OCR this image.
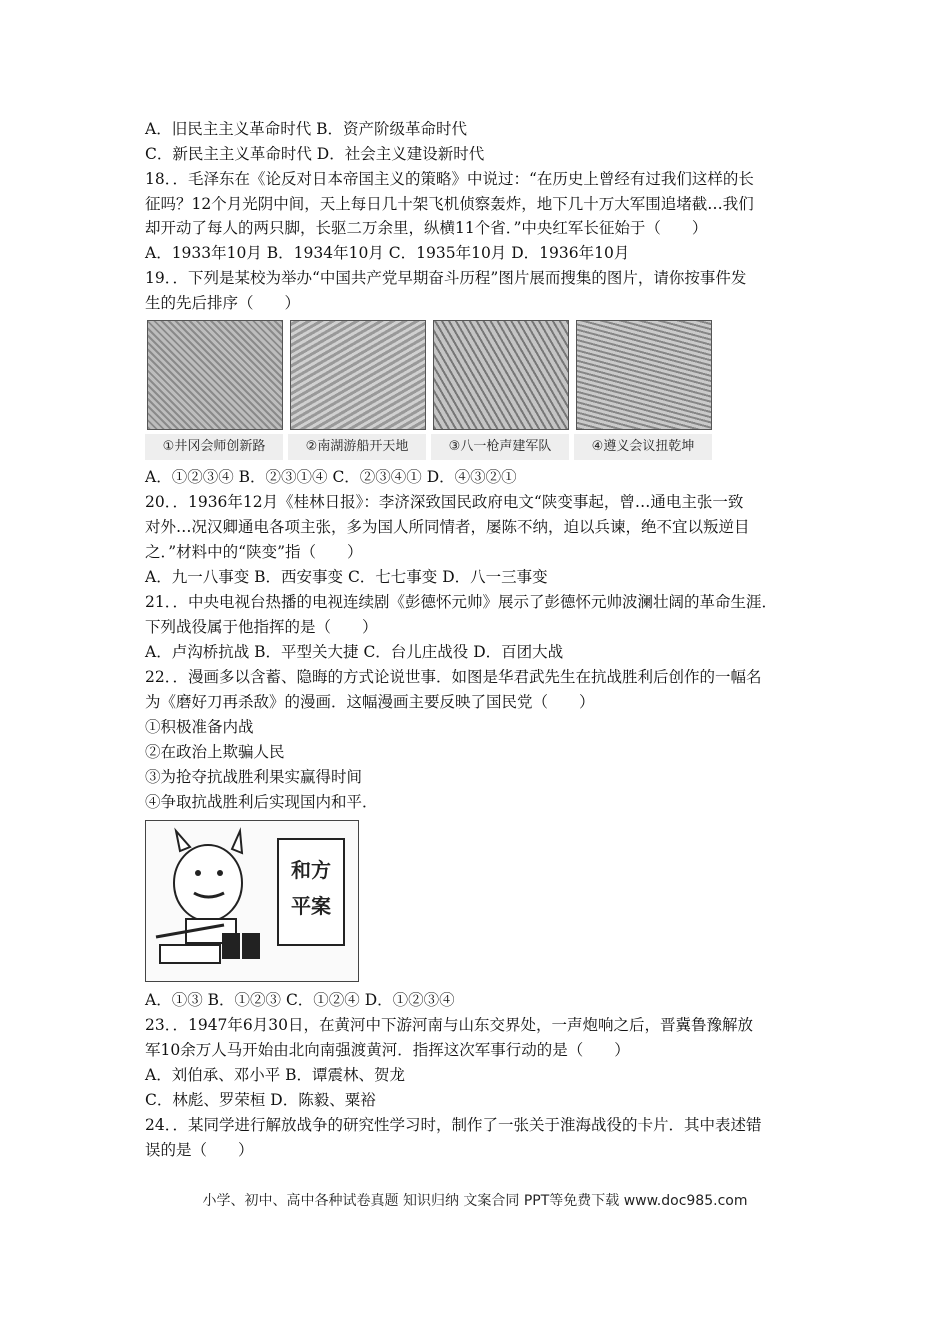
A．旧民主主义革命时代 B．资产阶级革命时代
C．新民主主义革命时代 D．社会主义建设新时代
18．．毛泽东在《论反对日本帝国主义的策略》中说过：“在历史上曾经有过我们这样的长
征吗？12个月光阴中间，天上每日几十架飞机侦察轰炸，地下几十万大军围追堵截…我们
却开动了每人的两只脚，长驱二万余里，纵横11个省．”中央红军长征始于（　　）
A．1933年10月 B．1934年10月 C．1935年10月 D．1936年10月
19．．下列是某校为举办“中国共产党早期奋斗历程”图片展而搜集的图片，请你按事件发
生的先后排序（　　）
①井冈会师创新路	②南湖游船开天地	③八一枪声建军队	④遵义会议扭乾坤
A．①②③④ B．②③①④ C．②③④① D．④③②①
20．．1936年12月《桂林日报》：李济深致国民政府电文“陕变事起，曾…通电主张一致
对外…况汉卿通电各项主张，多为国人所同情者，屡陈不纳，迫以兵谏，绝不宜以叛逆目
之．”材料中的“陕变”指（　　）
A．九一八事变 B．西安事变 C．七七事变 D．八一三事变
21．．中央电视台热播的电视连续剧《彭德怀元帅》展示了彭德怀元帅波澜壮阔的革命生涯．
下列战役属于他指挥的是（　　）
A．卢沟桥抗战 B．平型关大捷 C．台儿庄战役 D．百团大战
22．．漫画多以含蓄、隐晦的方式论说世事．如图是华君武先生在抗战胜利后创作的一幅名
为《磨好刀再杀敌》的漫画．这幅漫画主要反映了国民党（　　）
①积极准备内战
②在政治上欺骗人民
③为抢夺抗战胜利果实赢得时间
④争取抗战胜利后实现国内和平．
和方
平案
A．①③ B．①②③ C．①②④ D．①②③④
23．．1947年6月30日，在黄河中下游河南与山东交界处，一声炮响之后，晋冀鲁豫解放
军10余万人马开始由北向南强渡黄河．指挥这次军事行动的是（　　）
A．刘伯承、邓小平 B．谭震林、贺龙
C．林彪、罗荣桓 D．陈毅、粟裕
24．．某同学进行解放战争的研究性学习时，制作了一张关于淮海战役的卡片．其中表述错
误的是（　　）
小学、初中、高中各种试卷真题 知识归纳 文案合同 PPT等免费下载 www.doc985.com
